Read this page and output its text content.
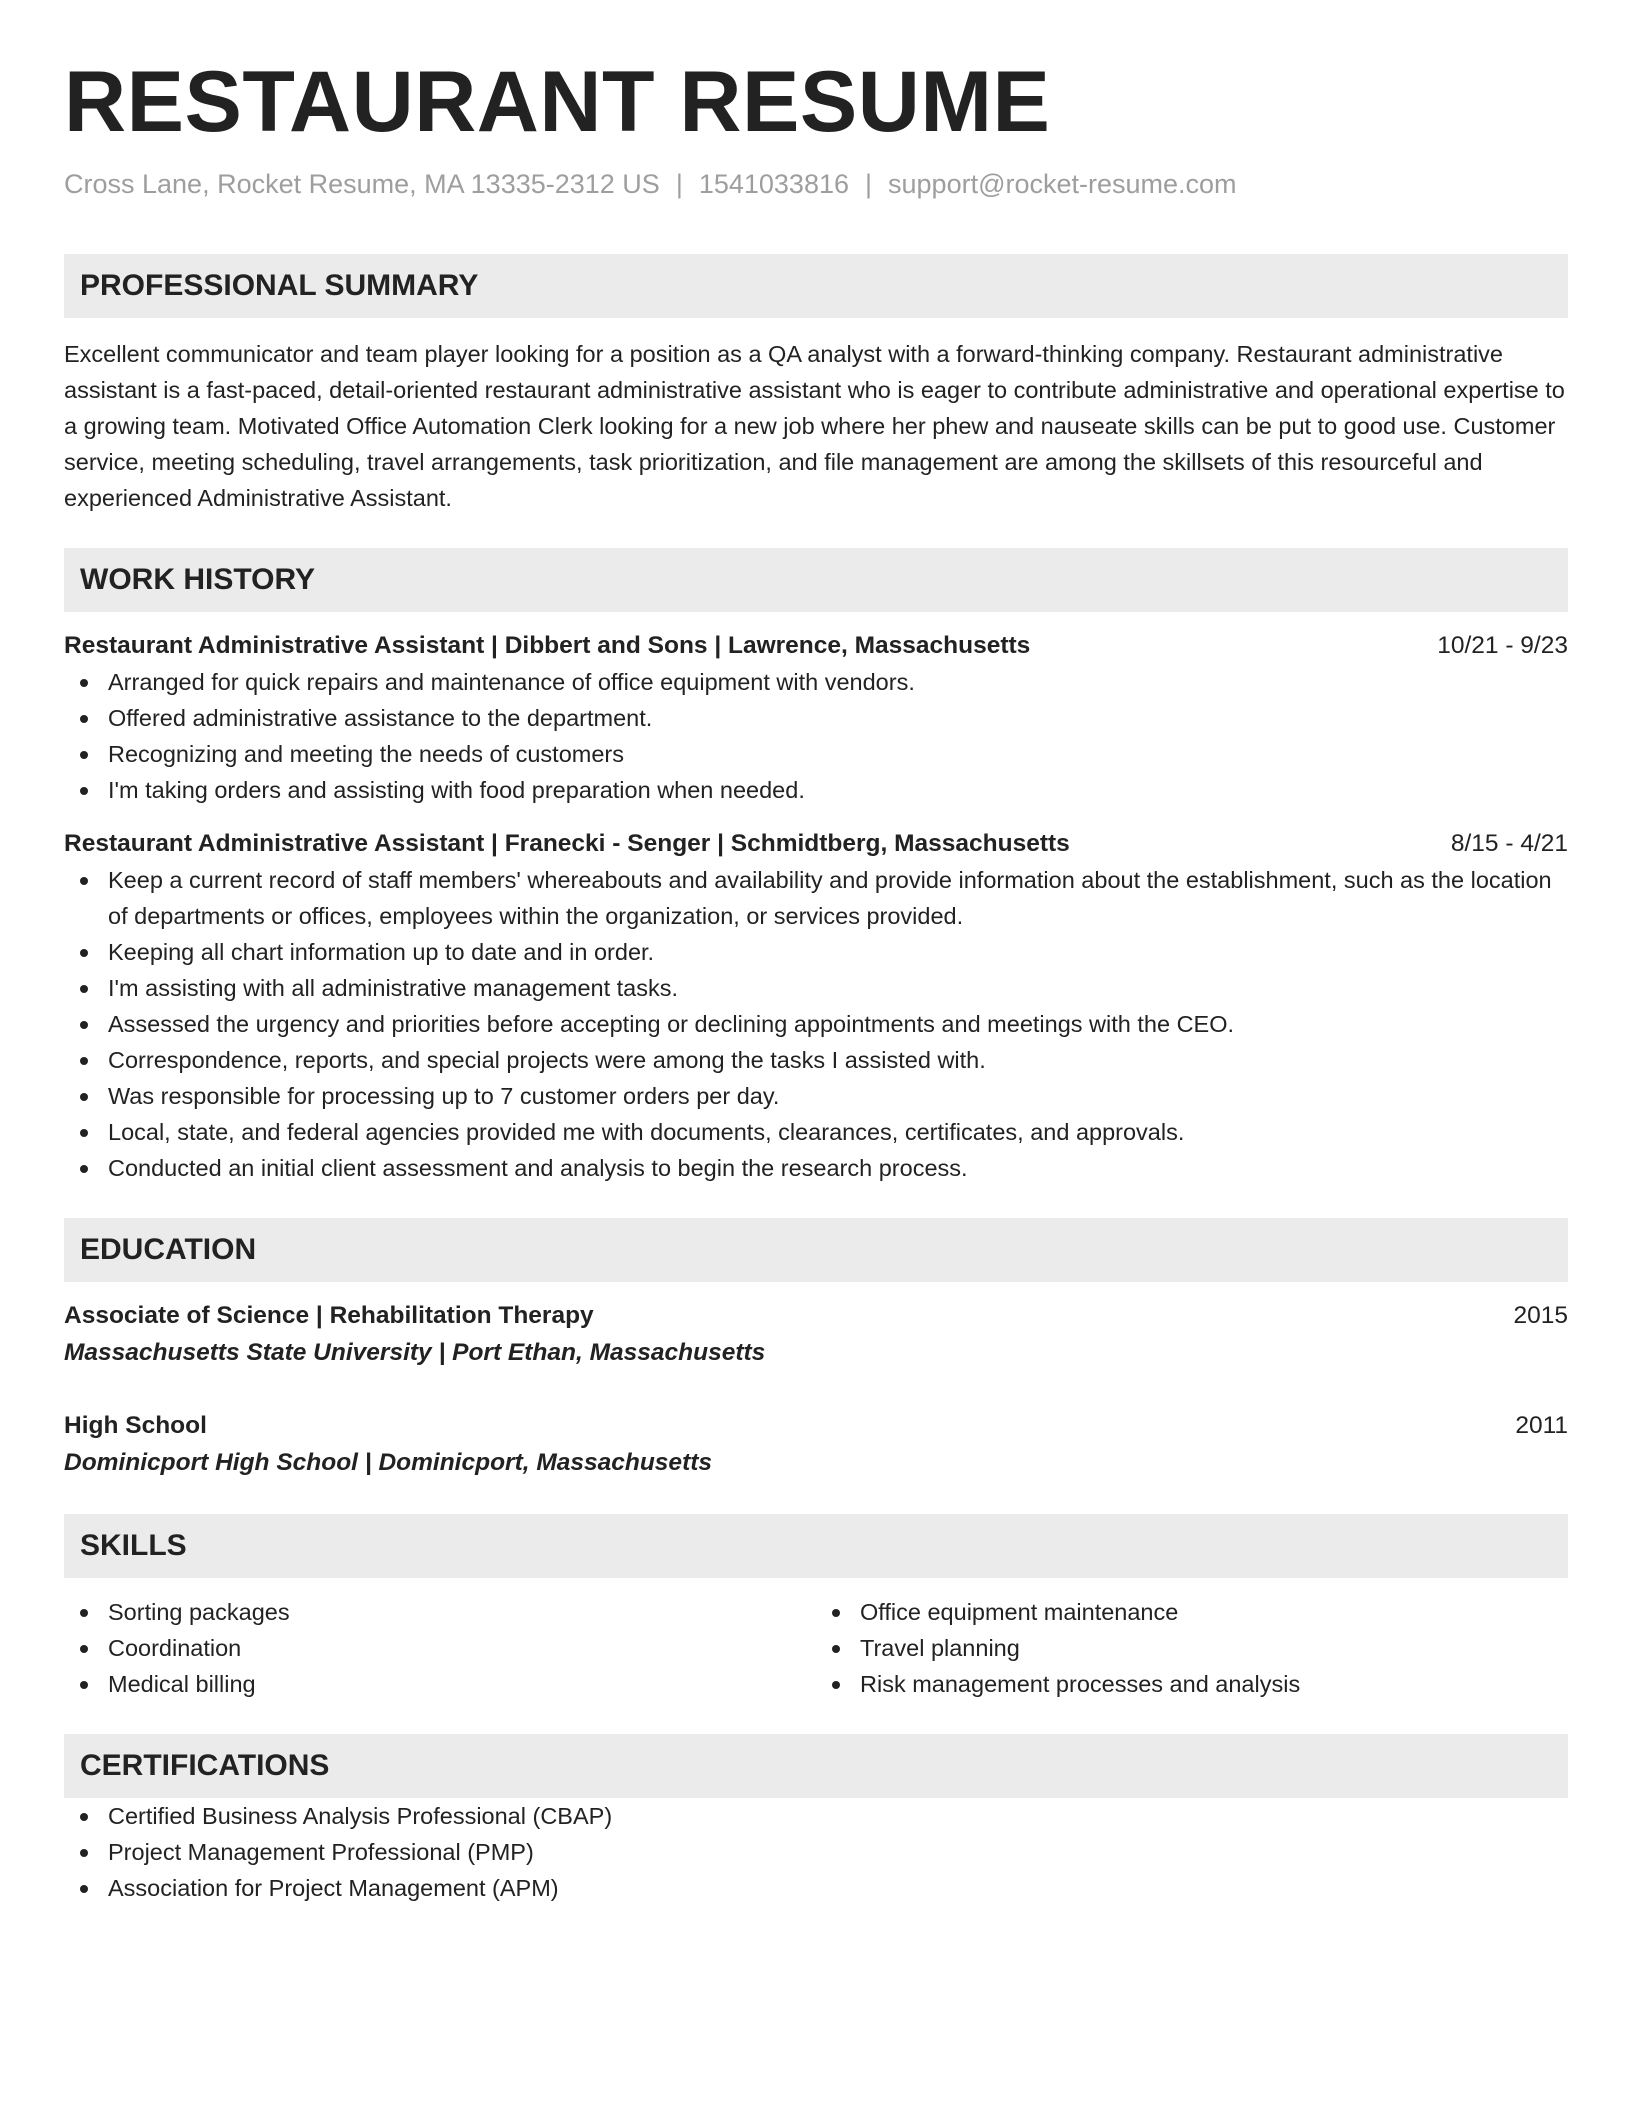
RESTAURANT RESUME
Cross Lane, Rocket Resume, MA 13335-2312 US | 1541033816 | support@rocket-resume.com
PROFESSIONAL SUMMARY
Excellent communicator and team player looking for a position as a QA analyst with a forward-thinking company. Restaurant administrative assistant is a fast-paced, detail-oriented restaurant administrative assistant who is eager to contribute administrative and operational expertise to a growing team. Motivated Office Automation Clerk looking for a new job where her phew and nauseate skills can be put to good use. Customer service, meeting scheduling, travel arrangements, task prioritization, and file management are among the skillsets of this resourceful and experienced Administrative Assistant.
WORK HISTORY
Restaurant Administrative Assistant | Dibbert and Sons | Lawrence, Massachusetts	10/21 - 9/23
Arranged for quick repairs and maintenance of office equipment with vendors.
Offered administrative assistance to the department.
Recognizing and meeting the needs of customers
I'm taking orders and assisting with food preparation when needed.
Restaurant Administrative Assistant | Franecki - Senger | Schmidtberg, Massachusetts	8/15 - 4/21
Keep a current record of staff members' whereabouts and availability and provide information about the establishment, such as the location of departments or offices, employees within the organization, or services provided.
Keeping all chart information up to date and in order.
I'm assisting with all administrative management tasks.
Assessed the urgency and priorities before accepting or declining appointments and meetings with the CEO.
Correspondence, reports, and special projects were among the tasks I assisted with.
Was responsible for processing up to 7 customer orders per day.
Local, state, and federal agencies provided me with documents, clearances, certificates, and approvals.
Conducted an initial client assessment and analysis to begin the research process.
EDUCATION
Associate of Science | Rehabilitation Therapy	2015
Massachusetts State University | Port Ethan, Massachusetts
High School	2011
Dominicport High School | Dominicport, Massachusetts
SKILLS
Sorting packages
Coordination
Medical billing
Office equipment maintenance
Travel planning
Risk management processes and analysis
CERTIFICATIONS
Certified Business Analysis Professional (CBAP)
Project Management Professional (PMP)
Association for Project Management (APM)
